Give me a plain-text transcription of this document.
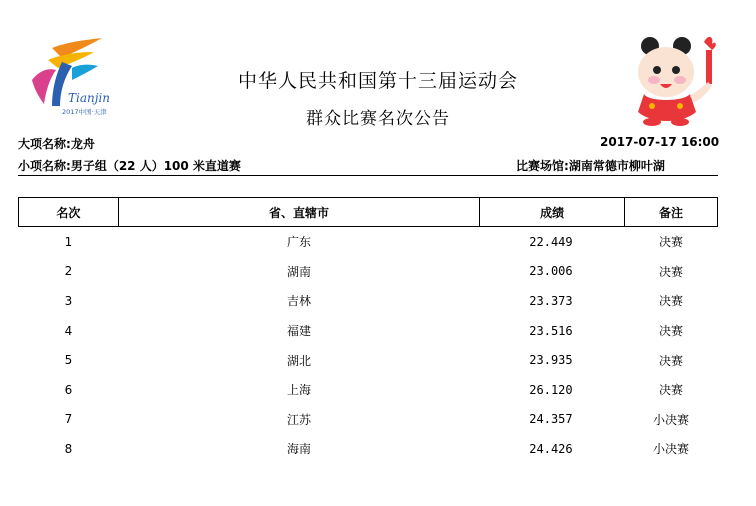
Tianjin
2017中国·天津
中华人民共和国第十三届运动会
群众比赛名次公告
大项名称:龙舟	2017-07-17 16:00
小项名称:男子组（22 人）100 米直道赛	比赛场馆:湖南常德市柳叶湖
名次	省、直辖市	成绩	备注
1	广东	22.449	决赛
2	湖南	23.006	决赛
3	吉林	23.373	决赛
4	福建	23.516	决赛
5	湖北	23.935	决赛
6	上海	26.120	决赛
7	江苏	24.357	小决赛
8	海南	24.426	小决赛
